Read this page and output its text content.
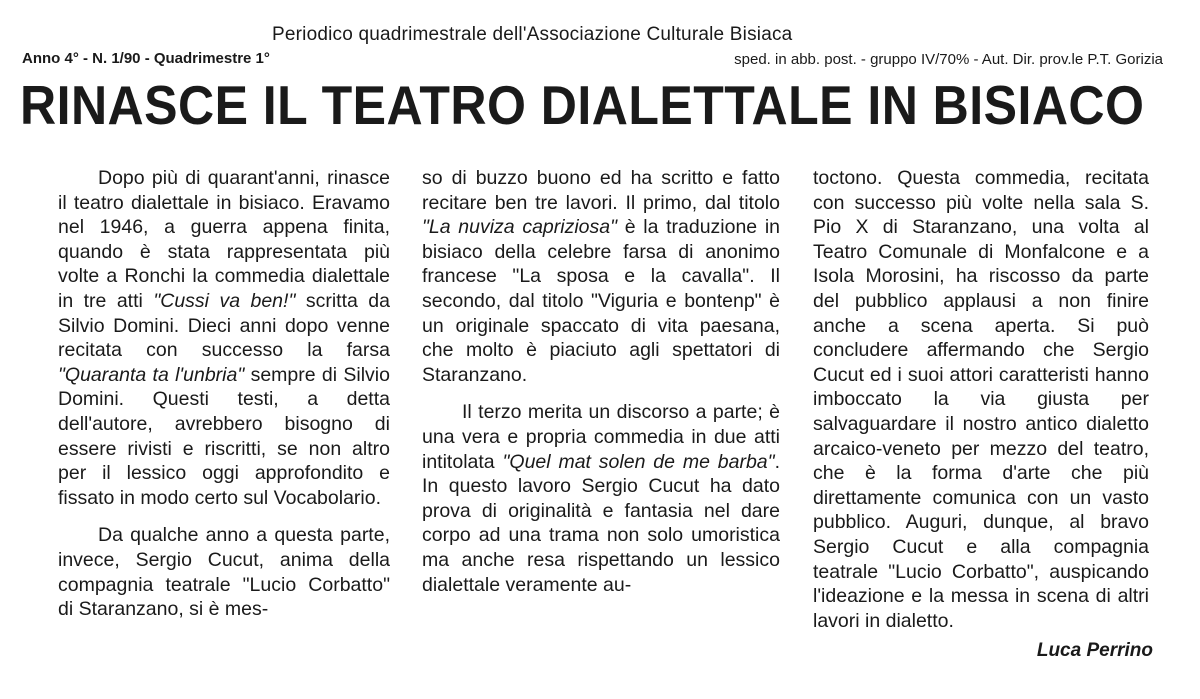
Periodico quadrimestrale dell'Associazione Culturale Bisiaca
Anno 4° - N. 1/90 - Quadrimestre 1°	sped. in abb. post. - gruppo IV/70% - Aut. Dir. prov.le P.T. Gorizia
RINASCE IL TEATRO DIALETTALE IN BISIACO

Dopo più di quarant'anni, rinasce il teatro dialettale in bisiaco. Eravamo nel 1946, a guerra appena finita, quando è stata rappresentata più volte a Ronchi la commedia dialettale in tre atti "Cussi va ben!" scritta da Silvio Domini. Dieci anni dopo venne recitata con successo la farsa "Quaranta ta l'unbria" sempre di Silvio Domini. Questi testi, a detta dell'autore, avrebbero bisogno di essere rivisti e riscritti, se non altro per il lessico oggi approfondito e fissato in modo certo sul Vocabolario.

Da qualche anno a questa parte, invece, Sergio Cucut, anima della compagnia teatrale "Lucio Corbatto" di Staranzano, si è mes-

so di buzzo buono ed ha scritto e fatto recitare ben tre lavori. Il primo, dal titolo "La nuviza capriziosa" è la traduzione in bisiaco della celebre farsa di anonimo francese "La sposa e la cavalla". Il secondo, dal titolo "Viguria e bontenp" è un originale spaccato di vita paesana, che molto è piaciuto agli spettatori di Staranzano.

Il terzo merita un discorso a parte; è una vera e propria commedia in due atti intitolata "Quel mat solen de me barba". In questo lavoro Sergio Cucut ha dato prova di originalità e fantasia nel dare corpo ad una trama non solo umoristica ma anche resa rispettando un lessico dialettale veramente au-

toctono. Questa commedia, recitata con successo più volte nella sala S. Pio X di Staranzano, una volta al Teatro Comunale di Monfalcone e a Isola Morosini, ha riscosso da parte del pubblico applausi a non finire anche a scena aperta. Si può concludere affermando che Sergio Cucut ed i suoi attori caratteristi hanno imboccato la via giusta per salvaguardare il nostro antico dialetto arcaico-veneto per mezzo del teatro, che è la forma d'arte che più direttamente comunica con un vasto pubblico. Auguri, dunque, al bravo Sergio Cucut e alla compagnia teatrale "Lucio Corbatto", auspicando l'ideazione e la messa in scena di altri lavori in dialetto.

Luca Perrino
